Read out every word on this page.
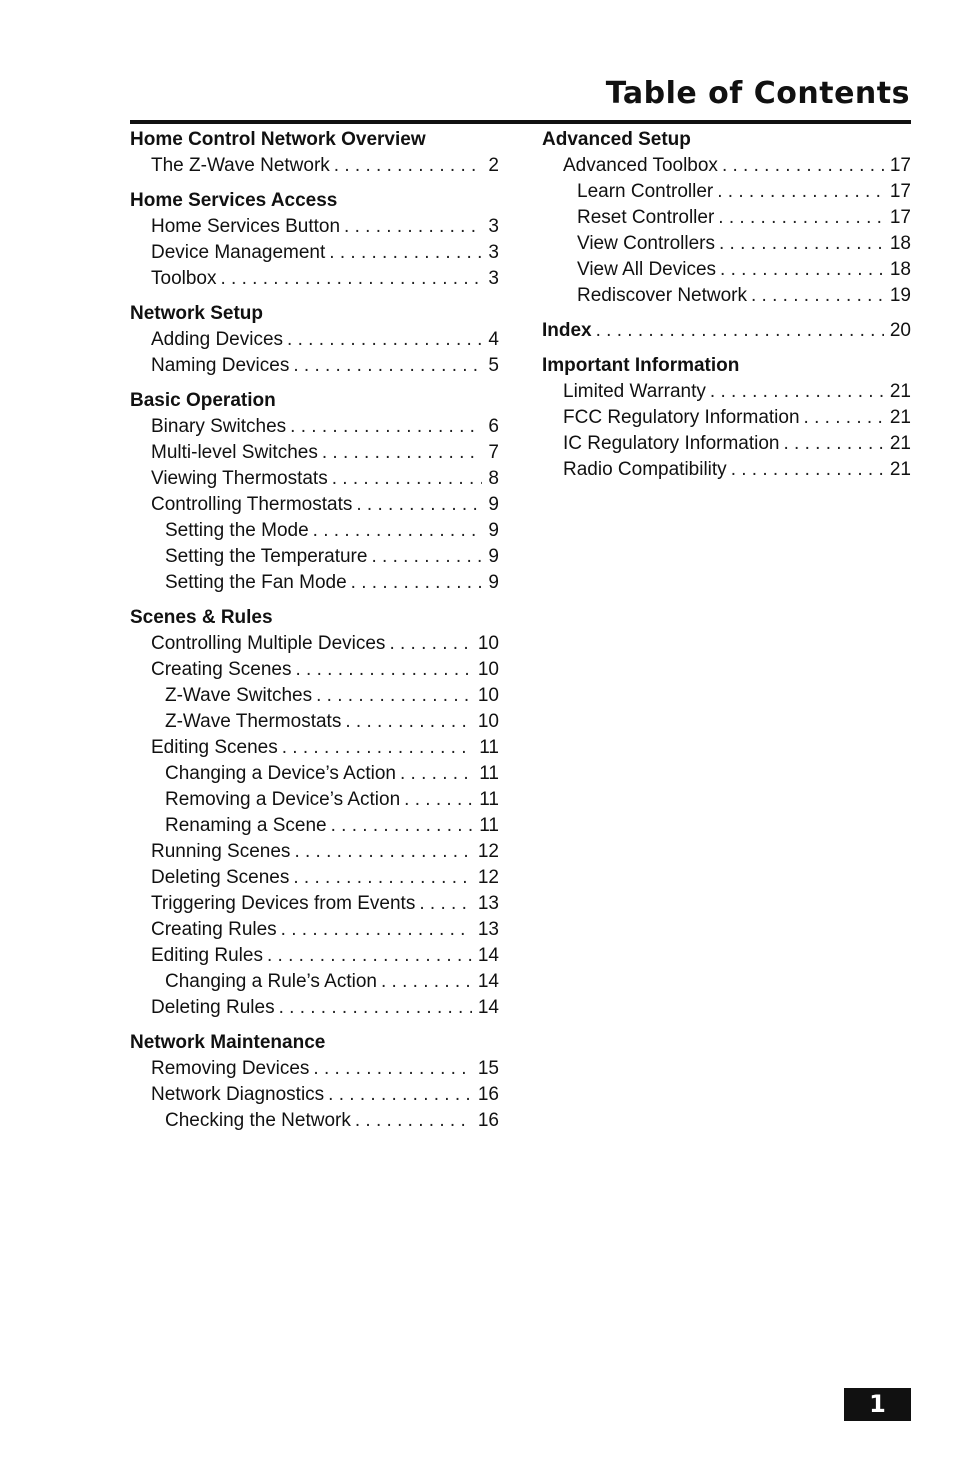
Table of Contents
Home Control Network Overview
The Z-Wave Network . . .	2
Home Services Access
Home Services Button . . .	3
Device Management . . .	3
Toolbox . . .	3
Network Setup
Adding Devices . . .	4
Naming Devices . . .	5
Basic Operation
Binary Switches . . .	6
Multi-level Switches . . .	7
Viewing Thermostats . . .	8
Controlling Thermostats . . .	9
Setting the Mode . . .	9
Setting the Temperature . . .	9
Setting the Fan Mode . . .	9
Scenes & Rules
Controlling Multiple Devices . . .	10
Creating Scenes . . .	10
Z-Wave Switches . . .	10
Z-Wave Thermostats . . .	10
Editing Scenes . . .	11
Changing a Device’s Action . . .	11
Removing a Device’s Action . . .	11
Renaming a Scene . . .	11
Running Scenes . . .	12
Deleting Scenes . . .	12
Triggering Devices from Events . . .	13
Creating Rules . . .	13
Editing Rules . . .	14
Changing a Rule’s Action . . .	14
Deleting Rules . . .	14
Network Maintenance
Removing Devices . . .	15
Network Diagnostics . . .	16
Checking the Network . . .	16
Advanced Setup
Advanced Toolbox . . .	17
Learn Controller . . .	17
Reset Controller . . .	17
View Controllers . . .	18
View All Devices . . .	18
Rediscover Network . . .	19
Index . . .	20
Important Information
Limited Warranty . . .	21
FCC Regulatory Information . . .	21
IC Regulatory Information . . .	21
Radio Compatibility . . .	21
1
